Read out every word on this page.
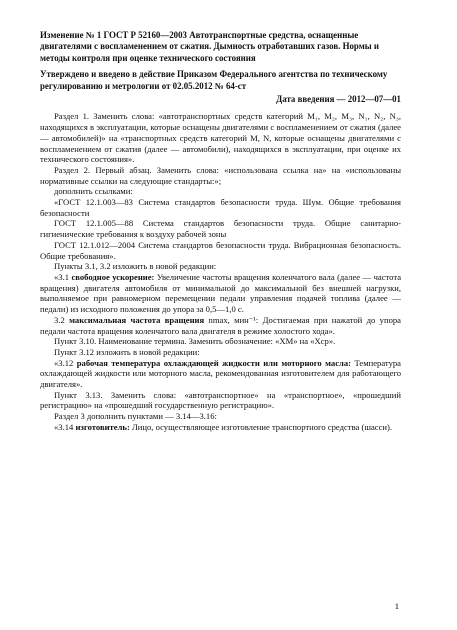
Изменение № 1 ГОСТ Р 52160—2003 Автотранспортные средства, оснащенные двигателями с воспламенением от сжатия. Дымность отработавших газов. Нормы и методы контроля при оценке технического состояния

Утверждено и введено в действие Приказом Федерального агентства по техническому регулированию и метрологии от 02.05.2012 № 64-ст

Дата введения — 2012—07—01

Раздел 1. Заменить слова: «автотранспортных средств категорий M₁, M₂, M₃, N₁, N₂, N₃, находящихся в эксплуатации, которые оснащены двигателями с воспламенением от сжатия (далее — автомобилей)» на «транспортных средств категорий M, N, которые оснащены двигателями с воспламенением от сжатия (далее — автомобили), находящихся в эксплуатации, при оценке их технического состояния».

Раздел 2. Первый абзац. Заменить слова: «использована ссылка на» на «использованы нормативные ссылки на следующие стандарты:»;

дополнить ссылками:

«ГОСТ 12.1.003—83 Система стандартов безопасности труда. Шум. Общие требования безопасности

ГОСТ 12.1.005—88 Система стандартов безопасности труда. Общие санитарно-гигиенические требования к воздуху рабочей зоны

ГОСТ 12.1.012—2004 Система стандартов безопасности труда. Вибрационная безопасность. Общие требования».

Пункты 3.1, 3.2 изложить в новой редакции:

«3.1 свободное ускорение: Увеличение частоты вращения коленчатого вала (далее — частота вращения) двигателя автомобиля от минимальной до максимальной без внешней нагрузки, выполняемое при равномерном перемещении педали управления подачей топлива (далее — педали) из исходного положения до упора за 0,5—1,0 с.

3.2 максимальная частота вращения nmax, мин⁻¹: Достигаемая при нажатой до упора педали частота вращения коленчатого вала двигателя в режиме холостого хода».

Пункт 3.10. Наименование термина. Заменить обозначение: «XM» на «Xср».

Пункт 3.12 изложить в новой редакции:

«3.12 рабочая температура охлаждающей жидкости или моторного масла: Температура охлаждающей жидкости или моторного масла, рекомендованная изготовителем для работающего двигателя».

Пункт 3.13. Заменить слова: «автотранспортное» на «транспортное», «прошедший регистрацию» на «прошедший государственную регистрацию».

Раздел 3 дополнить пунктами — 3.14—3.16:

«3.14 изготовитель: Лицо, осуществляющее изготовление транспортного средства (шасси).

1
